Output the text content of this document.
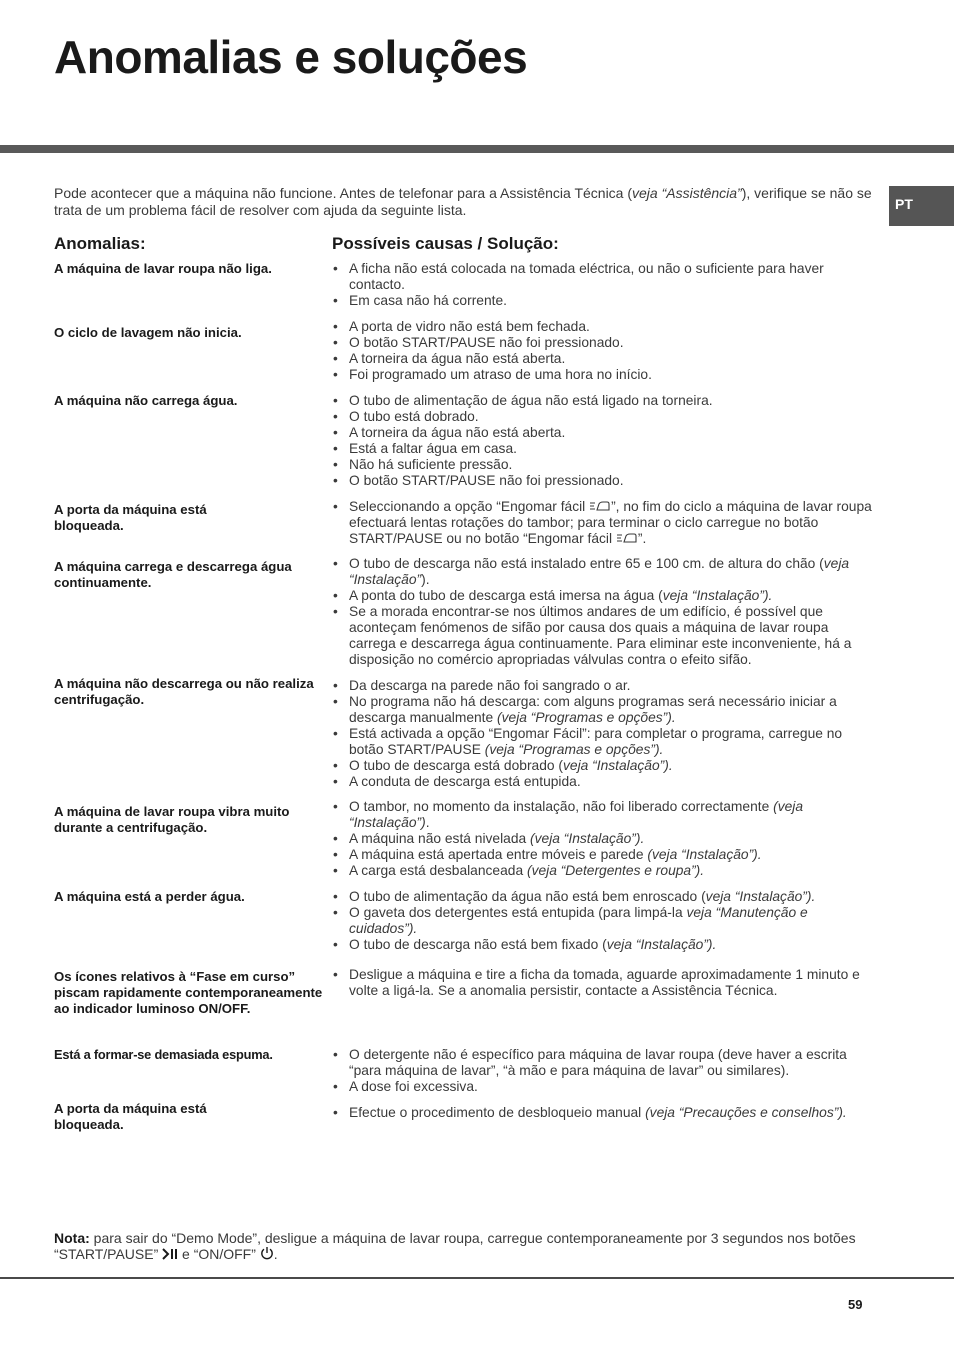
Anomalias e soluções
PT
Pode acontecer que a máquina não funcione. Antes de telefonar para a Assistência Técnica (veja “Assistência”), verifique se não se trata de um problema fácil de resolver com ajuda da seguinte lista.
Anomalias:	Possíveis causas / Solução:
A máquina de lavar roupa não liga.	• A ficha não está colocada na tomada eléctrica, ou não o suficiente para haver contacto.
• Em casa não há corrente.
O ciclo de lavagem não inicia.	• A porta de vidro não está bem fechada.
• O botão START/PAUSE não foi pressionado.
• A torneira da água não está aberta.
• Foi programado um atraso de uma hora no início.
A máquina não carrega água.	• O tubo de alimentação de água não está ligado na torneira.
• O tubo está dobrado.
• A torneira da água não está aberta.
• Está a faltar água em casa.
• Não há suficiente pressão.
• O botão START/PAUSE não foi pressionado.
A porta da máquina está bloqueada.
• Seleccionando a opção “Engomar fácil ”, no fim do ciclo a máquina de lavar roupa efectuará lentas rotações do tambor; para terminar o ciclo carregue no botão START/PAUSE ou no botão “Engomar fácil ”.
A máquina carrega e descarrega água continuamente.
• O tubo de descarga não está instalado entre 65 e 100 cm. de altura do chão (veja “Instalação”).
• A ponta do tubo de descarga está imersa na água (veja “Instalação”).
• Se a morada encontrar-se nos últimos andares de um edifício, é possível que aconteçam fenómenos de sifão por causa dos quais a máquina de lavar roupa carrega e descarrega água continuamente. Para eliminar este inconveniente, há a disposição no comércio apropriadas válvulas contra o efeito sifão.
A máquina não descarrega ou não realiza centrifugação.
• Da descarga na parede não foi sangrado o ar.
• No programa não há descarga: com alguns programas será necessário iniciar a descarga manualmente (veja “Programas e opções”).
• Está activada a opção “Engomar Fácil”: para completar o programa, carregue no botão START/PAUSE (veja “Programas e opções”).
• O tubo de descarga está dobrado (veja “Instalação”).
• A conduta de descarga está entupida.
A máquina de lavar roupa vibra muito durante a centrifugação.
• O tambor, no momento da instalação, não foi liberado correctamente (veja “Instalação”).
• A máquina não está nivelada (veja “Instalação”).
• A máquina está apertada entre móveis e parede (veja “Instalação”).
• A carga está desbalanceada (veja “Detergentes e roupa”).
A máquina está a perder água.	• O tubo de alimentação da água não está bem enroscado (veja “Instalação”).
• O gaveta dos detergentes está entupida (para limpá-la veja “Manutenção e cuidados”).
• O tubo de descarga não está bem fixado (veja “Instalação”).
Os ícones relativos à “Fase em curso” piscam rapidamente contemporaneamente ao indicador luminoso ON/OFF.
• Desligue a máquina e tire a ficha da tomada, aguarde aproximadamente 1 minuto e volte a ligá-la. Se a anomalia persistir, contacte a Assistência Técnica.
Está a formar-se demasiada espuma.	• O detergente não é específico para máquina de lavar roupa (deve haver a escrita “para máquina de lavar”, “à mão e para máquina de lavar” ou similares).
• A dose foi excessiva.
A porta da máquina está bloqueada.
• Efectue o procedimento de desbloqueio manual (veja “Precauções e conselhos”).
Nota: para sair do “Demo Mode”, desligue a máquina de lavar roupa, carregue contemporaneamente por 3 segundos nos botões “START/PAUSE”  e “ON/OFF” .
59
